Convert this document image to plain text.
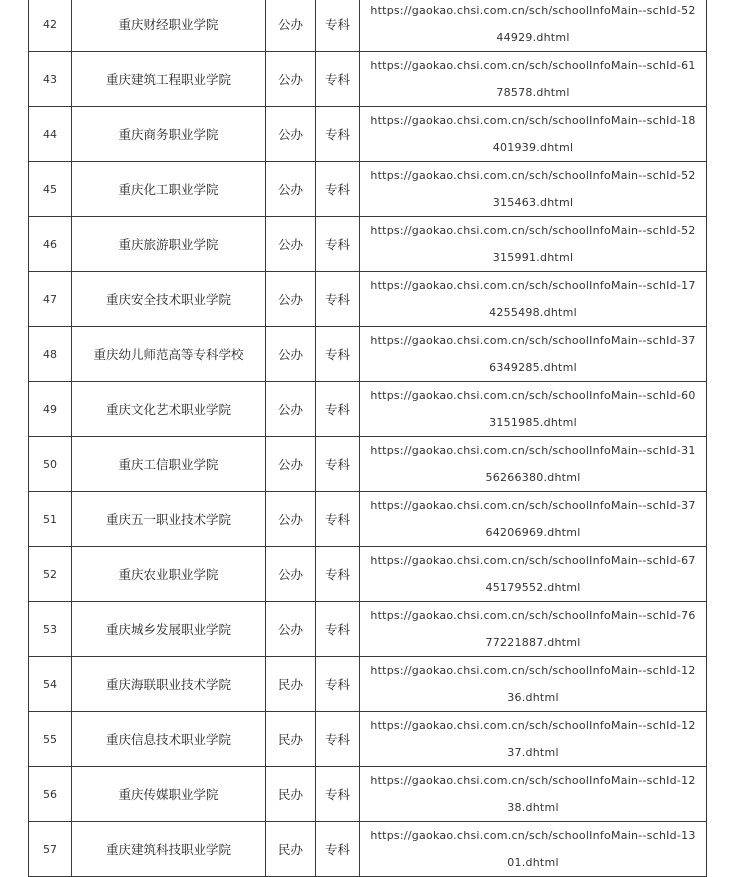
42	重庆财经职业学院	公办	专科	https://gaokao.chsi.com.cn/sch/schoolInfoMain--schId-5244929.dhtml
43	重庆建筑工程职业学院	公办	专科	https://gaokao.chsi.com.cn/sch/schoolInfoMain--schId-6178578.dhtml
44	重庆商务职业学院	公办	专科	https://gaokao.chsi.com.cn/sch/schoolInfoMain--schId-18401939.dhtml
45	重庆化工职业学院	公办	专科	https://gaokao.chsi.com.cn/sch/schoolInfoMain--schId-52315463.dhtml
46	重庆旅游职业学院	公办	专科	https://gaokao.chsi.com.cn/sch/schoolInfoMain--schId-52315991.dhtml
47	重庆安全技术职业学院	公办	专科	https://gaokao.chsi.com.cn/sch/schoolInfoMain--schId-174255498.dhtml
48	重庆幼儿师范高等专科学校	公办	专科	https://gaokao.chsi.com.cn/sch/schoolInfoMain--schId-376349285.dhtml
49	重庆文化艺术职业学院	公办	专科	https://gaokao.chsi.com.cn/sch/schoolInfoMain--schId-603151985.dhtml
50	重庆工信职业学院	公办	专科	https://gaokao.chsi.com.cn/sch/schoolInfoMain--schId-3156266380.dhtml
51	重庆五一职业技术学院	公办	专科	https://gaokao.chsi.com.cn/sch/schoolInfoMain--schId-3764206969.dhtml
52	重庆农业职业学院	公办	专科	https://gaokao.chsi.com.cn/sch/schoolInfoMain--schId-6745179552.dhtml
53	重庆城乡发展职业学院	公办	专科	https://gaokao.chsi.com.cn/sch/schoolInfoMain--schId-7677221887.dhtml
54	重庆海联职业技术学院	民办	专科	https://gaokao.chsi.com.cn/sch/schoolInfoMain--schId-1236.dhtml
55	重庆信息技术职业学院	民办	专科	https://gaokao.chsi.com.cn/sch/schoolInfoMain--schId-1237.dhtml
56	重庆传媒职业学院	民办	专科	https://gaokao.chsi.com.cn/sch/schoolInfoMain--schId-1238.dhtml
57	重庆建筑科技职业学院	民办	专科	https://gaokao.chsi.com.cn/sch/schoolInfoMain--schId-1301.dhtml
